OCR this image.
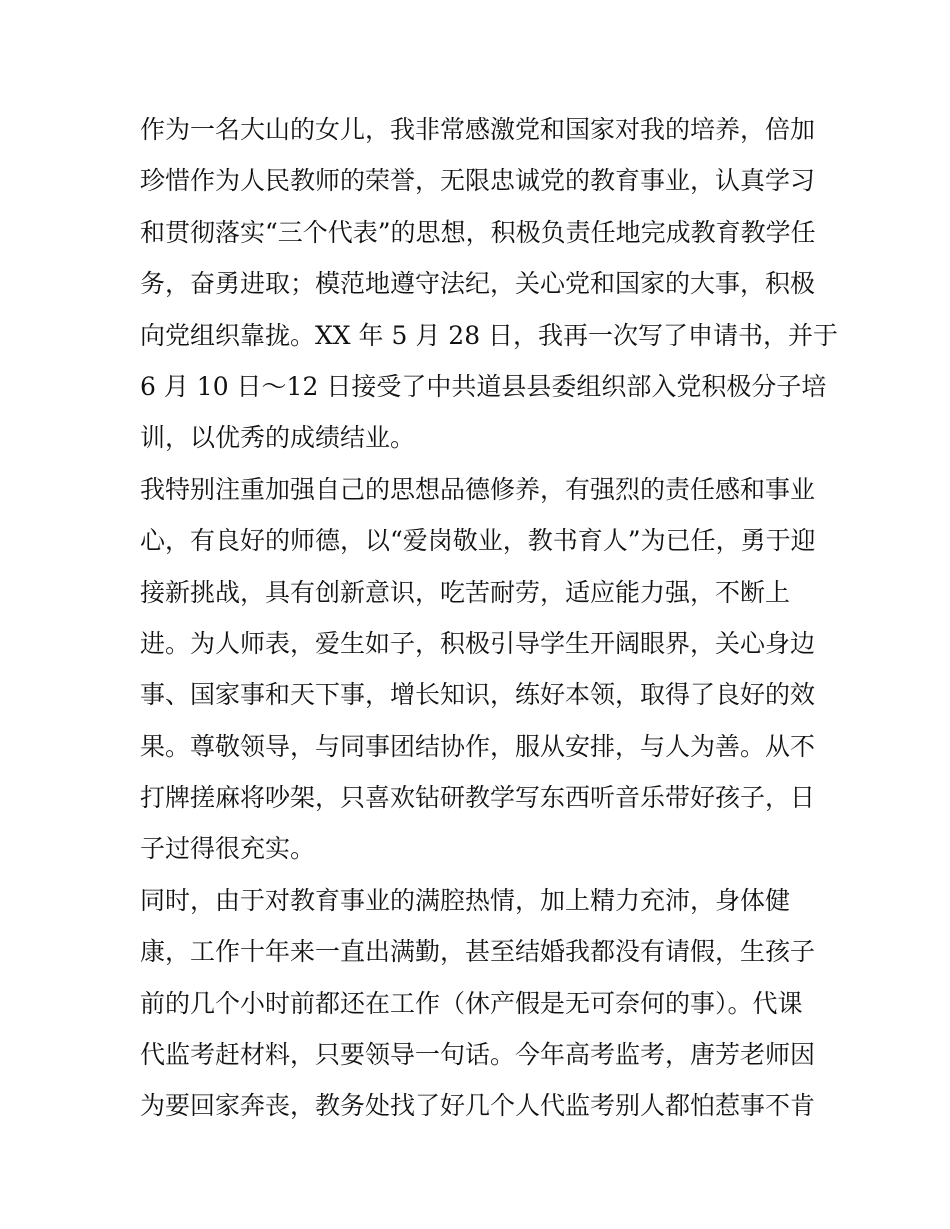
作为一名大山的女儿，我非常感激党和国家对我的培养，倍加
珍惜作为人民教师的荣誉，无限忠诚党的教育事业，认真学习
和贯彻落实“三个代表”的思想，积极负责任地完成教育教学任
务，奋勇进取；模范地遵守法纪，关心党和国家的大事，积极
向党组织靠拢。XX 年 5 月 28 日，我再一次写了申请书，并于
6 月 10 日～12 日接受了中共道县县委组织部入党积极分子培
训，以优秀的成绩结业。
我特别注重加强自己的思想品德修养，有强烈的责任感和事业
心，有良好的师德，以“爱岗敬业，教书育人”为已任，勇于迎
接新挑战，具有创新意识，吃苦耐劳，适应能力强，不断上
进。为人师表，爱生如子，积极引导学生开阔眼界，关心身边
事、国家事和天下事，增长知识，练好本领，取得了良好的效
果。尊敬领导，与同事团结协作，服从安排，与人为善。从不
打牌搓麻将吵架，只喜欢钻研教学写东西听音乐带好孩子，日
子过得很充实。
同时，由于对教育事业的满腔热情，加上精力充沛，身体健
康，工作十年来一直出满勤，甚至结婚我都没有请假，生孩子
前的几个小时前都还在工作（休产假是无可奈何的事）。代课
代监考赶材料，只要领导一句话。今年高考监考，唐芳老师因
为要回家奔丧，教务处找了好几个人代监考别人都怕惹事不肯
